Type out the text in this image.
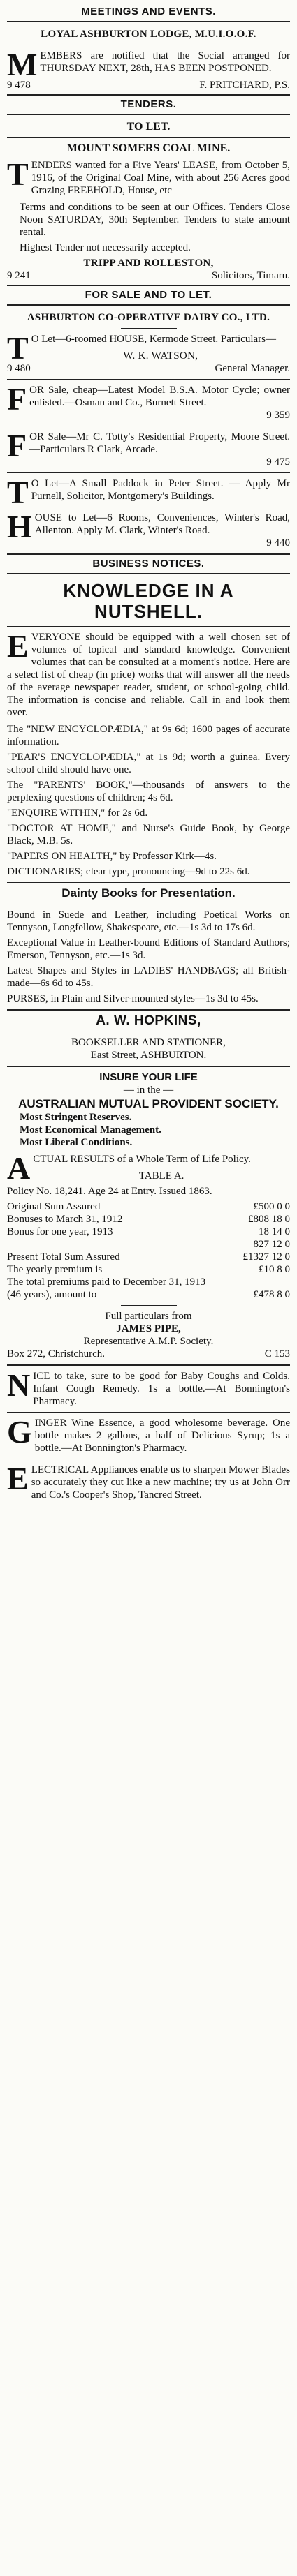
MEETINGS AND EVENTS.
LOYAL ASHBURTON LODGE, M.U.I.O.O.F.
M EMBERS are notified that the Social arranged for THURSDAY NEXT, 28th, HAS BEEN POSTPONED.
9 478	F. PRITCHARD, P.S.
TENDERS.
TO LET.
MOUNT SOMERS COAL MINE.
T ENDERS wanted for a Five Years' LEASE, from October 5, 1916, of the Original Coal Mine, with about 256 Acres good Grazing FREEHOLD, House, etc
Terms and conditions to be seen at our Offices. Tenders Close Noon SATURDAY, 30th September. Tenders to state amount rental.
Highest Tender not necessarily accepted.
TRIPP AND ROLLESTON,
9 241	Solicitors, Timaru.
FOR SALE AND TO LET.
ASHBURTON CO-OPERATIVE DAIRY CO., LTD.
T O Let—6-roomed HOUSE, Kermode Street. Particulars—
W. K. WATSON,
9 480	General Manager.
F OR Sale, cheap—Latest Model B.S.A. Motor Cycle; owner enlisted.—Osman and Co., Burnett Street.
9 359
F OR Sale—Mr C. Totty's Residential Property, Moore Street.—Particulars R Clark, Arcade.
9 475
T O Let—A Small Paddock in Peter Street. — Apply Mr Purnell, Solicitor, Montgomery's Buildings.
H OUSE to Let—6 Rooms, Conveniences, Winter's Road, Allenton. Apply M. Clark, Winter's Road.
9 440
BUSINESS NOTICES.
KNOWLEDGE IN A NUTSHELL.
E VERYONE should be equipped with a well chosen set of volumes of topical and standard knowledge. Convenient volumes that can be consulted at a moment's notice. Here are a select list of cheap (in price) works that will answer all the needs of the average newspaper reader, student, or school-going child. The information is concise and reliable. Call in and look them over.
The "NEW ENCYCLOPÆDIA," at 9s 6d; 1600 pages of accurate information.
"PEAR'S ENCYCLOPÆDIA," at 1s 9d; worth a guinea. Every school child should have one.
The "PARENTS' BOOK,"—thousands of answers to the perplexing questions of children; 4s 6d.
"ENQUIRE WITHIN," for 2s 6d.
"DOCTOR AT HOME," and Nurse's Guide Book, by George Black, M.B. 5s.
"PAPERS ON HEALTH," by Professor Kirk—4s.
DICTIONARIES; clear type, pronouncing—9d to 22s 6d.
Dainty Books for Presentation.
Bound in Suede and Leather, including Poetical Works on Tennyson, Longfellow, Shakespeare, etc.—1s 3d to 17s 6d.
Exceptional Value in Leather-bound Editions of Standard Authors; Emerson, Tennyson, etc.—1s 3d.
Latest Shapes and Styles in LADIES' HANDBAGS; all British-made—6s 6d to 45s.
PURSES, in Plain and Silver-mounted styles—1s 3d to 45s.
A. W. HOPKINS,
BOOKSELLER AND STATIONER,
East Street, ASHBURTON.
INSURE YOUR LIFE
— in the —
AUSTRALIAN MUTUAL PROVIDENT SOCIETY.
Most Stringent Reserves.
Most Economical Management.
Most Liberal Conditions.
A CTUAL RESULTS of a Whole Term of Life Policy.
TABLE A.
Policy No. 18,241. Age 24 at Entry. Issued 1863.
Original Sum Assured	£500 0 0
Bonuses to March 31, 1912	£808 18 0
Bonus for one year, 1913	18 14 0
827 12 0
Present Total Sum Assured	£1327 12 0
The yearly premium is	£10 8 0
The total premiums paid to December 31, 1913 (46 years), amount to	£478 8 0
Full particulars from
JAMES PIPE,
Representative A.M.P. Society.
Box 272, Christchurch.	C 153
N ICE to take, sure to be good for Baby Coughs and Colds. Infant Cough Remedy. 1s a bottle.—At Bonnington's Pharmacy.
G INGER Wine Essence, a good wholesome beverage. One bottle makes 2 gallons, a half of Delicious Syrup; 1s a bottle.—At Bonnington's Pharmacy.
E LECTRICAL Appliances enable us to sharpen Mower Blades so accurately they cut like a new machine; try us at John Orr and Co.'s Cooper's Shop, Tancred Street.
